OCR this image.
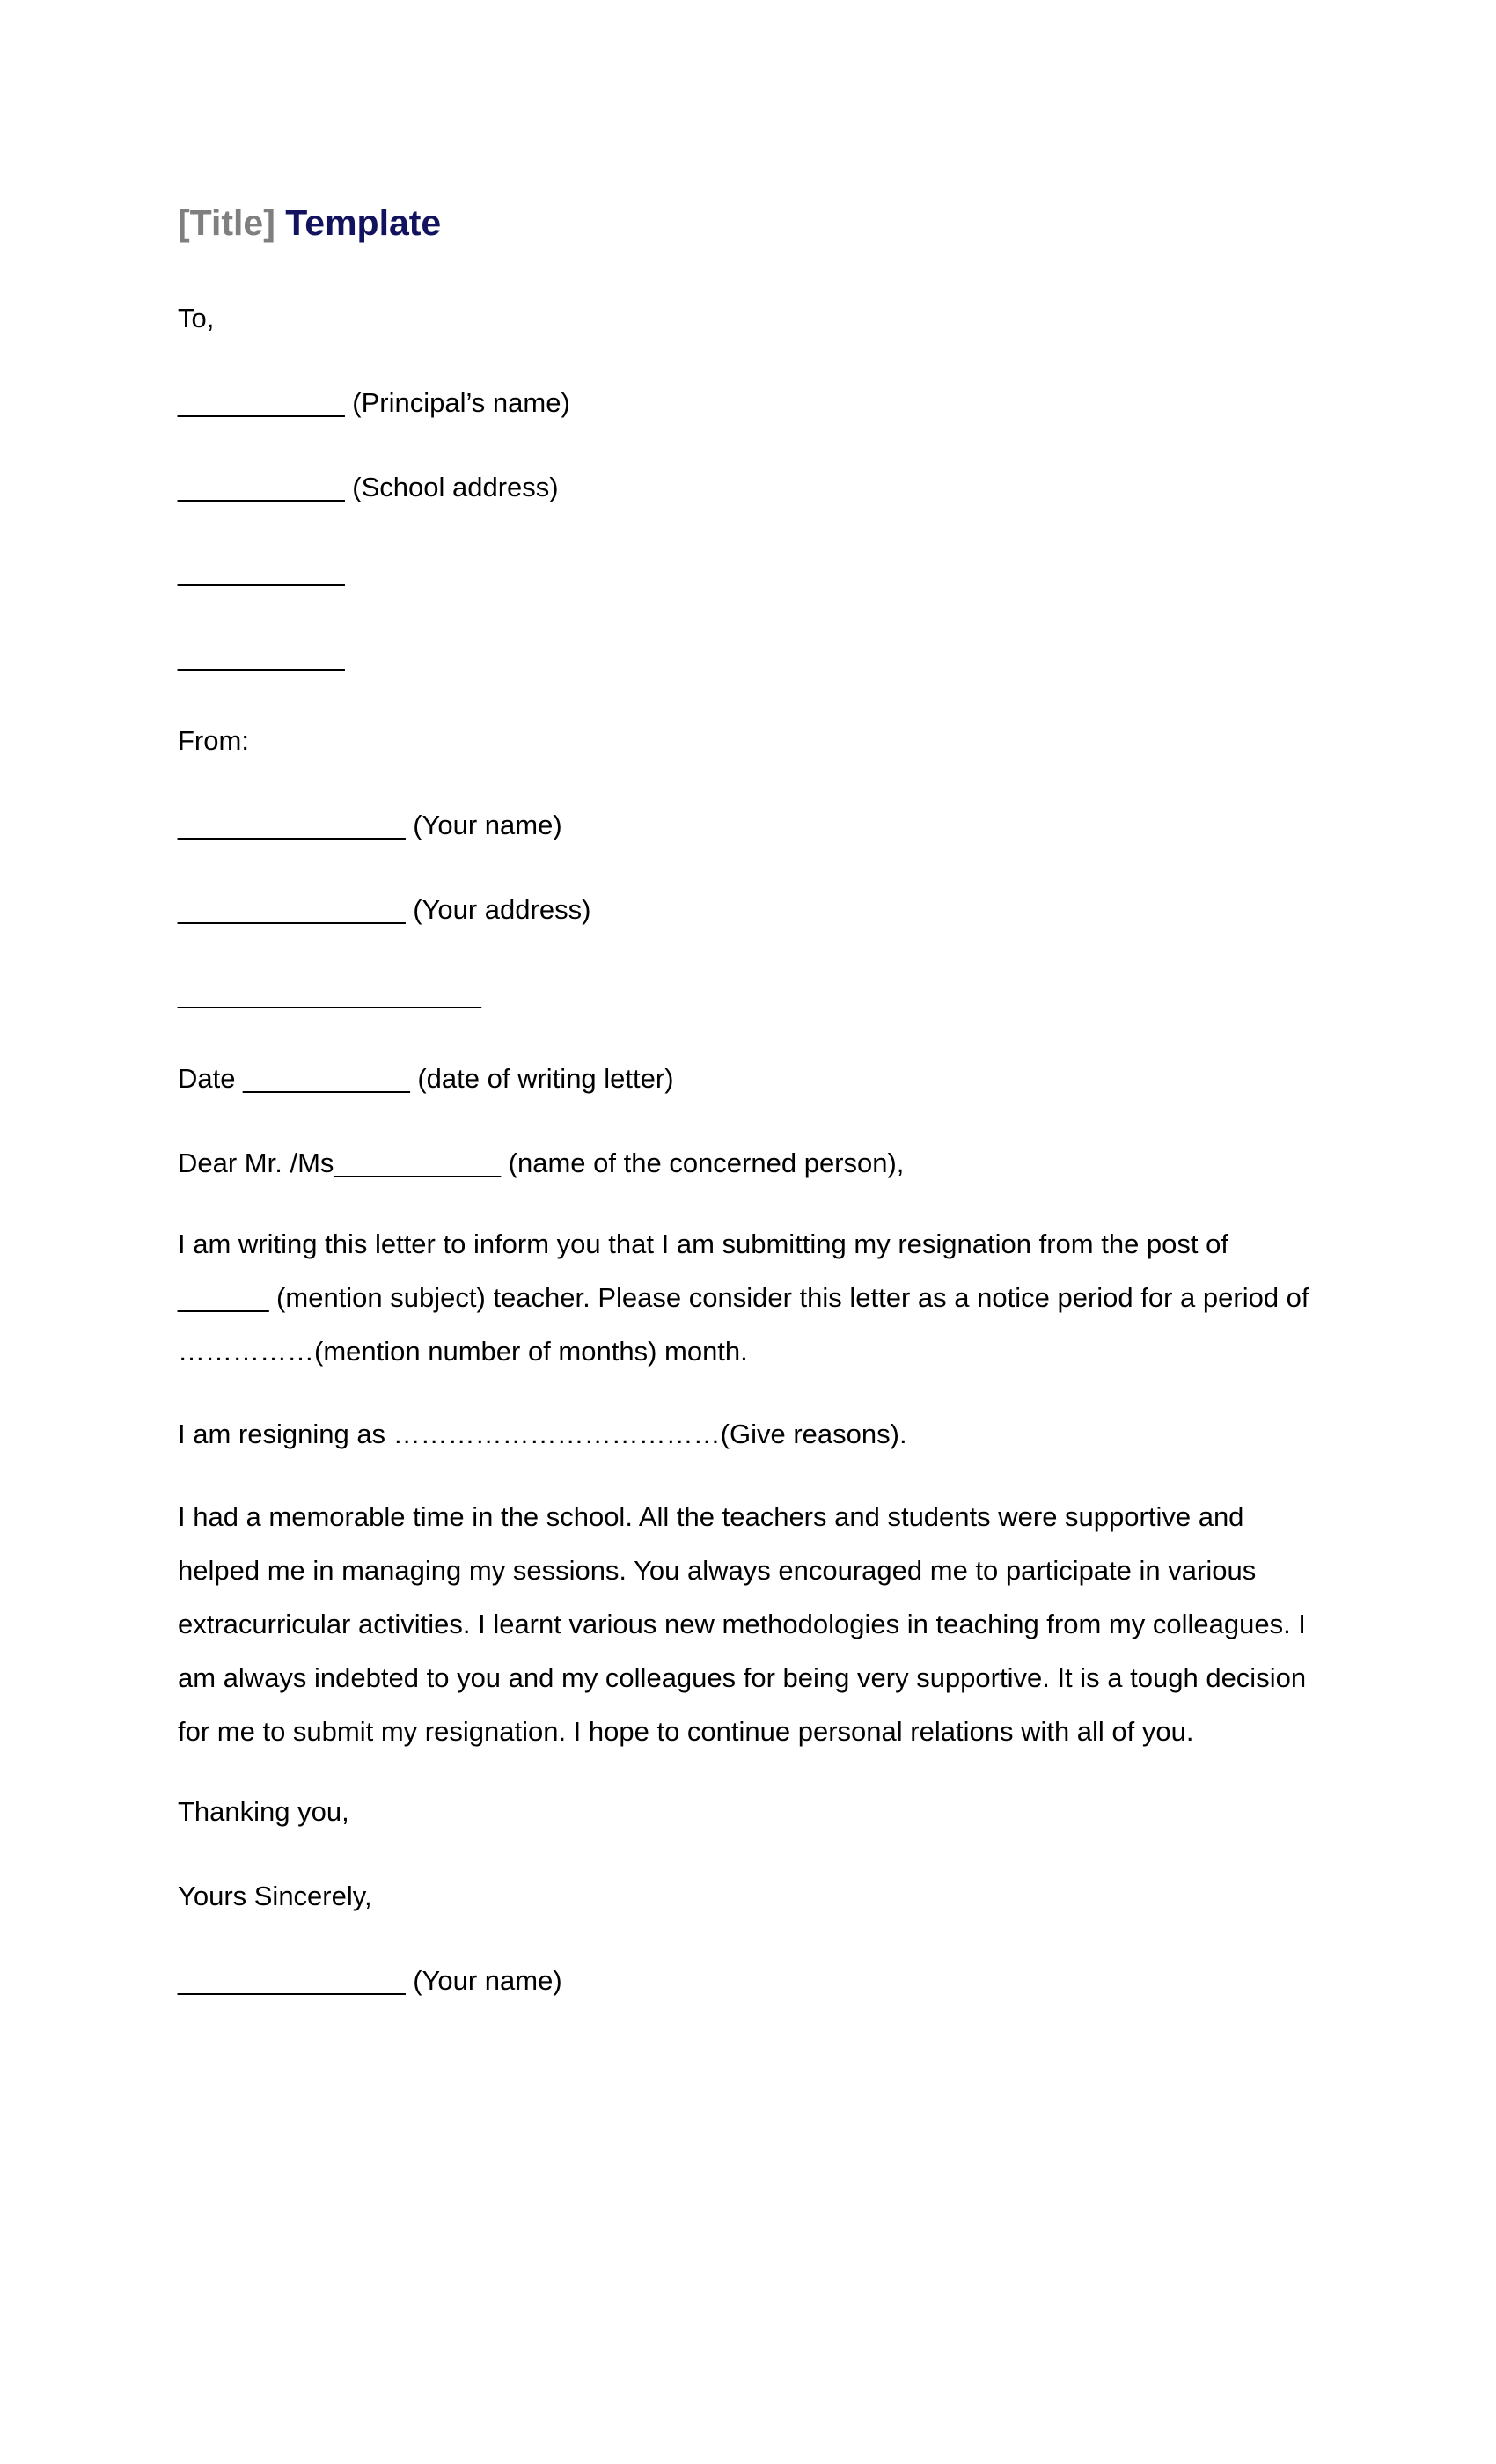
[Title] Template
To,
___________ (Principal’s name)
___________ (School address)
___________
___________
From:
_______________ (Your name)
_______________ (Your address)
____________________
Date ___________ (date of writing letter)
Dear Mr. /Ms___________ (name of the concerned person),

I am writing this letter to inform you that I am submitting my resignation from the post of ______ (mention subject) teacher. Please consider this letter as a notice period for a period of ……………(mention number of months) month.

I am resigning as ………………………………(Give reasons).

I had a memorable time in the school. All the teachers and students were supportive and helped me in managing my sessions. You always encouraged me to participate in various extracurricular activities. I learnt various new methodologies in teaching from my colleagues. I am always indebted to you and my colleagues for being very supportive. It is a tough decision for me to submit my resignation. I hope to continue personal relations with all of you.

Thanking you,
Yours Sincerely,
_______________ (Your name)
